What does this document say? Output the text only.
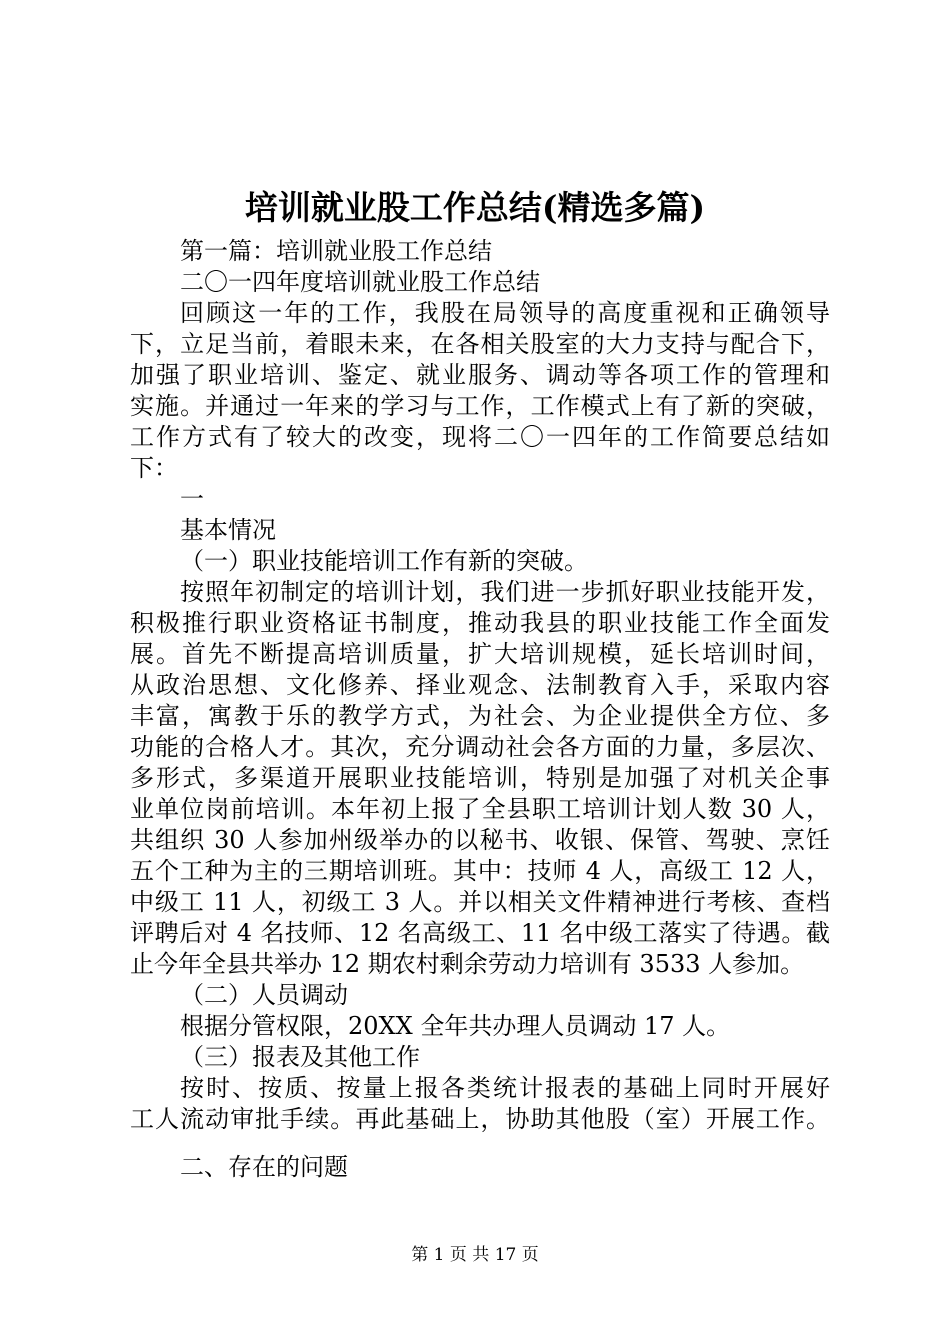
培训就业股工作总结(精选多篇)
第一篇：培训就业股工作总结
二〇一四年度培训就业股工作总结
回顾这一年的工作，我股在局领导的高度重视和正确领导
下，立足当前，着眼未来，在各相关股室的大力支持与配合下，
加强了职业培训、鉴定、就业服务、调动等各项工作的管理和
实施。并通过一年来的学习与工作，工作模式上有了新的突破，
工作方式有了较大的改变，现将二〇一四年的工作简要总结如
下：
一
基本情况
（一）职业技能培训工作有新的突破。
按照年初制定的培训计划，我们进一步抓好职业技能开发，
积极推行职业资格证书制度，推动我县的职业技能工作全面发
展。首先不断提高培训质量，扩大培训规模，延长培训时间，
从政治思想、文化修养、择业观念、法制教育入手，采取内容
丰富，寓教于乐的教学方式，为社会、为企业提供全方位、多
功能的合格人才。其次，充分调动社会各方面的力量，多层次、
多形式，多渠道开展职业技能培训，特别是加强了对机关企事
业单位岗前培训。本年初上报了全县职工培训计划人数 30 人，
共组织 30 人参加州级举办的以秘书、收银、保管、驾驶、烹饪
五个工种为主的三期培训班。其中：技师 4 人，高级工 12 人，
中级工 11 人，初级工 3 人。并以相关文件精神进行考核、查档
评聘后对 4 名技师、12 名高级工、11 名中级工落实了待遇。截
止今年全县共举办 12 期农村剩余劳动力培训有 3533 人参加。
（二）人员调动
根据分管权限，20XX 全年共办理人员调动 17 人。
（三）报表及其他工作
按时、按质、按量上报各类统计报表的基础上同时开展好
工人流动审批手续。再此基础上，协助其他股（室）开展工作。
二、存在的问题
第 1 页 共 17 页
